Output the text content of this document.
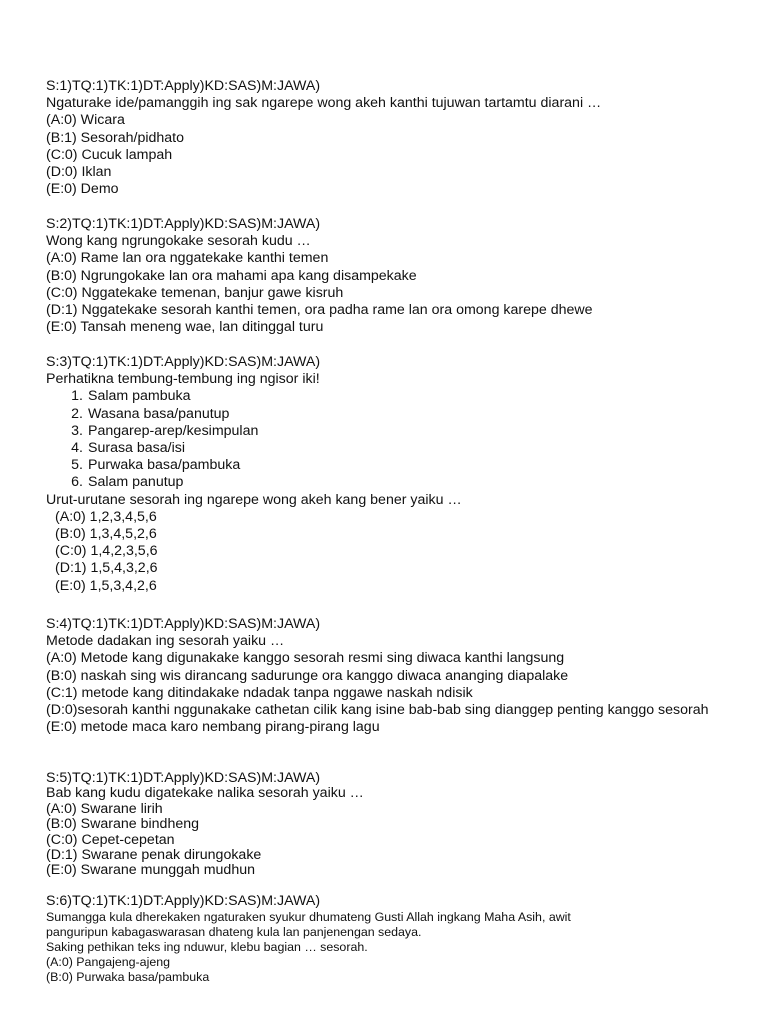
S:1)TQ:1)TK:1)DT:Apply)KD:SAS)M:JAWA)
Ngaturake ide/pamanggih ing sak ngarepe wong akeh kanthi tujuwan tartamtu diarani …
(A:0) Wicara
(B:1) Sesorah/pidhato
(C:0) Cucuk lampah
(D:0) Iklan
(E:0) Demo
S:2)TQ:1)TK:1)DT:Apply)KD:SAS)M:JAWA)
Wong kang ngrungokake sesorah kudu …
(A:0) Rame lan ora nggatekake kanthi temen
(B:0) Ngrungokake lan ora mahami apa kang disampekake
(C:0) Nggatekake temenan, banjur gawe kisruh
(D:1) Nggatekake sesorah kanthi temen, ora padha rame lan ora omong karepe dhewe
(E:0) Tansah meneng wae, lan ditinggal turu
S:3)TQ:1)TK:1)DT:Apply)KD:SAS)M:JAWA)
Perhatikna tembung-tembung ing ngisor iki!
1. Salam pambuka
2. Wasana basa/panutup
3. Pangarep-arep/kesimpulan
4. Surasa basa/isi
5. Purwaka basa/pambuka
6. Salam panutup
Urut-urutane sesorah ing ngarepe wong akeh kang bener yaiku …
(A:0) 1,2,3,4,5,6
(B:0) 1,3,4,5,2,6
(C:0) 1,4,2,3,5,6
(D:1) 1,5,4,3,2,6
(E:0) 1,5,3,4,2,6
S:4)TQ:1)TK:1)DT:Apply)KD:SAS)M:JAWA)
Metode dadakan ing sesorah yaiku …
(A:0) Metode kang digunakake kanggo sesorah resmi sing diwaca kanthi langsung
(B:0) naskah sing wis dirancang sadurunge ora kanggo diwaca ananging diapalake
(C:1) metode kang ditindakake ndadak tanpa nggawe naskah ndisik
(D:0)sesorah kanthi nggunakake cathetan cilik kang isine bab-bab sing dianggep penting kanggo sesorah
(E:0) metode maca karo nembang pirang-pirang lagu
S:5)TQ:1)TK:1)DT:Apply)KD:SAS)M:JAWA)
Bab kang kudu digatekake nalika sesorah yaiku …
(A:0) Swarane lirih
(B:0) Swarane bindheng
(C:0) Cepet-cepetan
(D:1) Swarane penak dirungokake
(E:0) Swarane munggah mudhun
S:6)TQ:1)TK:1)DT:Apply)KD:SAS)M:JAWA)
Sumangga kula dherekaken ngaturaken syukur dhumateng Gusti Allah ingkang Maha Asih, awit
panguripun kabagaswarasan dhateng kula lan panjenengan sedaya.
Saking pethikan teks ing nduwur, klebu bagian … sesorah.
(A:0) Pangajeng-ajeng
(B:0) Purwaka basa/pambuka
